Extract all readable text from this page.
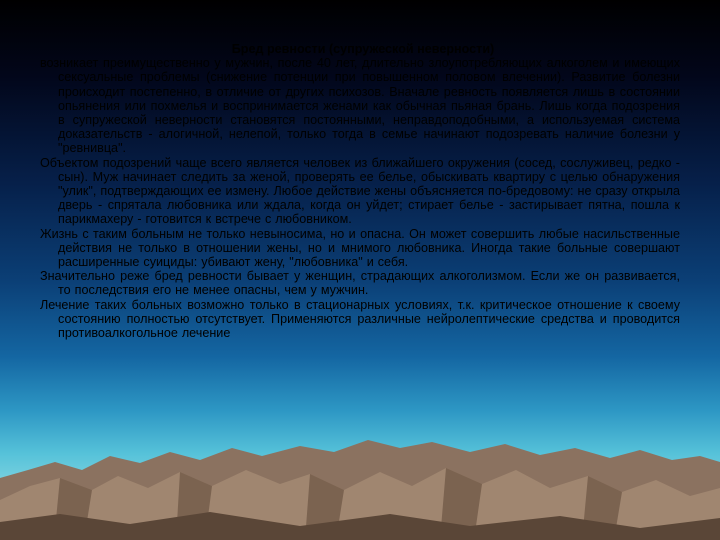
Бред ревности (супружеской неверности)

возникает преимущественно у мужчин, после 40 лет, длительно злоупотребляющих алкоголем и имеющих сексуальные проблемы (снижение потенции при повышенном половом влечении). Развитие болезни происходит постепенно, в отличие от других психозов. Вначале ревность появляется лишь в состоянии опьянения или похмелья и воспринимается женами как обычная пьяная брань. Лишь когда подозрения в супружеской неверности становятся постоянными, неправдоподобными, а используемая система доказательств - алогичной, нелепой, только тогда в семье начинают подозревать наличие болезни у "ревнивца".

Объектом подозрений чаще всего является человек из ближайшего окружения (сосед, сослуживец, редко - сын). Муж начинает следить за женой, проверять ее белье, обыскивать квартиру с целью обнаружения "улик", подтверждающих ее измену. Любое действие жены объясняется по-бредовому: не сразу открыла дверь - спрятала любовника или ждала, когда он уйдет; стирает белье - застирывает пятна, пошла к парикмахеру - готовится к встрече с любовником.

Жизнь с таким больным не только невыносима, но и опасна. Он может совершить любые насильственные действия не только в отношении жены, но и мнимого любовника. Иногда такие больные совершают расширенные суициды: убивают жену, "любовника" и себя.

Значительно реже бред ревности бывает у женщин, страдающих алкоголизмом. Если же он развивается, то последствия его не менее опасны, чем у мужчин.

Лечение таких больных возможно только в стационарных условиях, т.к. критическое отношение к своему состоянию полностью отсутствует. Применяются различные нейролептические средства и проводится противоалкогольное лечение
